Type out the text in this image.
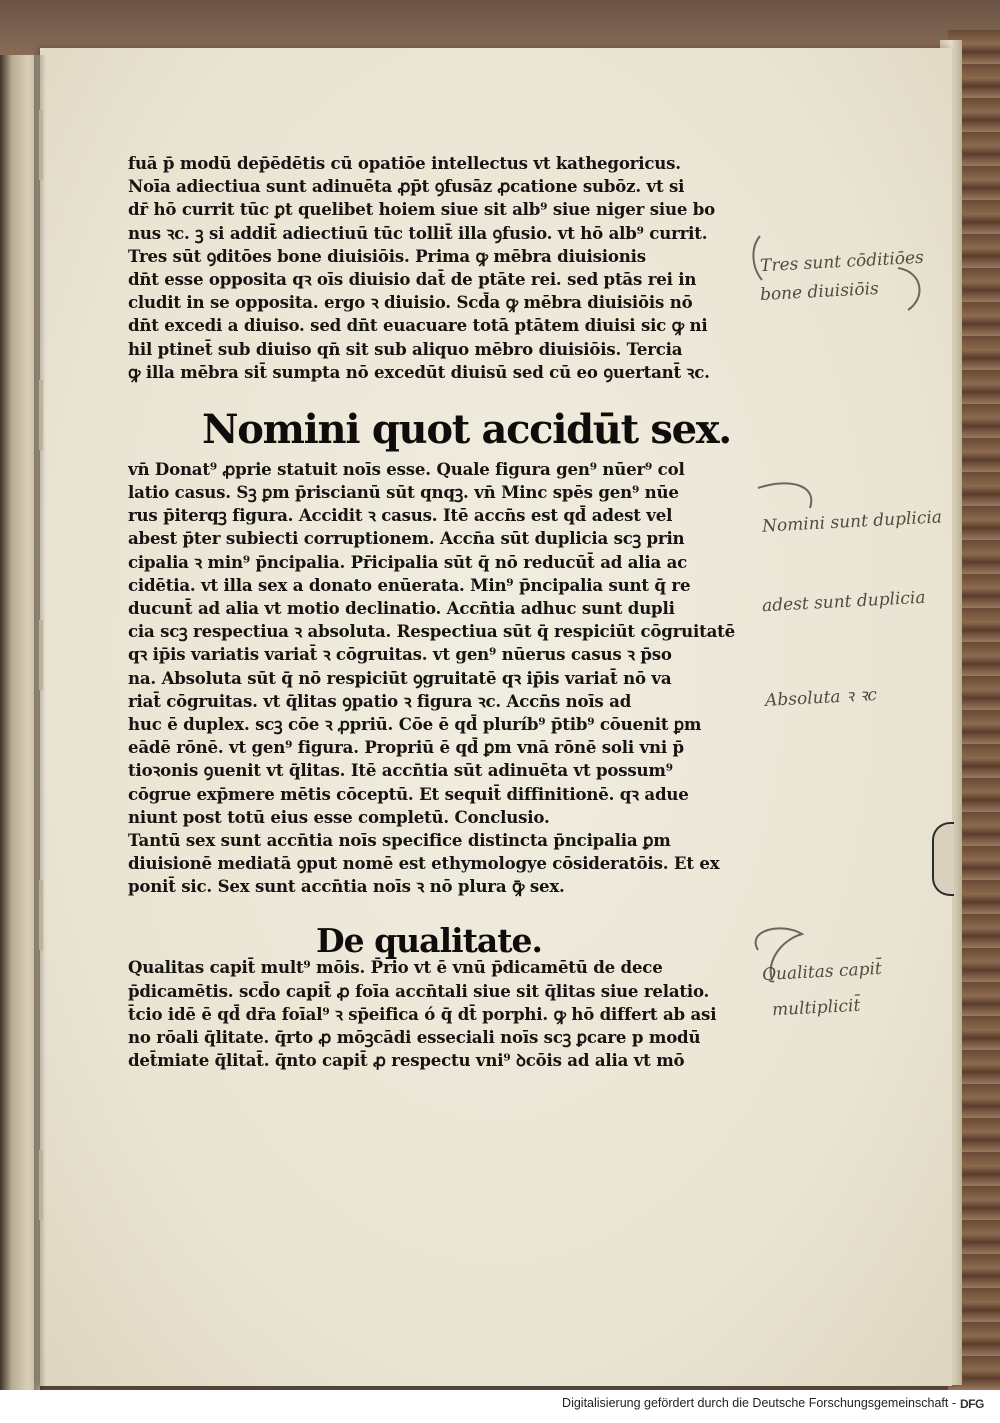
fuā p̄ modū dep̄ēdētis cū opatiōe intellectus vt kathegoricus.
Noīa adiectiua sunt adinuēta ꝓp̄t ꝯfusāz ꝓcatione subōz. vt si
dr̄ hō currit tūc ꝑt quelibet hoiem siue sit alb⁹ siue niger siue bo
nus ꝛc. ꝫ si addit̄ adiectiuū tūc tollit̄ illa ꝯfusio. vt hō alb⁹ currit.
Tres sūt ꝯditōes bone diuisiōis. Prima ꝙ mēbra diuisionis
dn̄t esse opposita qꝛ oīs diuisio dat̄ de ptāte rei. sed ptās rei in
cludit in se opposita. ergo ꝛ diuisio. Scd̄a ꝙ mēbra diuisiōis nō
dn̄t excedi a diuiso. sed dn̄t euacuare totā ptātem diuisi sic ꝙ ni
hil ptinet̄ sub diuiso qn̄ sit sub aliquo mēbro diuisiōis. Tercia
ꝙ illa mēbra sit̄ sumpta nō excedūt diuisū sed cū eo ꝯuertant̄ ꝛc.
vn̄ Donat⁹ ꝓprie statuit noīs esse. Quale figura gen⁹ nūer⁹ col
latio casus. Sꝫ ꝑm p̄riscianū sūt qnqꝫ. vn̄ Minc spēs gen⁹ nūe
rus p̄iterqꝫ figura. Accidit ꝛ casus. Itē accn̄s est qd̄ adest vel
abest p̄ter subiecti corruptionem. Accn̄a sūt duplicia scꝫ prin
cipalia ꝛ min⁹ p̄ncipalia. Pr̄icipalia sūt q̄ nō reducūt̄ ad alia ac
cidētia. vt illa sex a donato enūerata. Min⁹ p̄ncipalia sunt q̄ re
ducunt̄ ad alia vt motio declinatio. Accn̄tia adhuc sunt dupli
cia scꝫ respectiua ꝛ absoluta. Respectiua sūt q̄ respiciūt cōgruitatē
qꝛ ip̄is variatis variat̄ ꝛ cōgruitas. vt gen⁹ nūerus casus ꝛ p̄so
na. Absoluta sūt q̄ nō respiciūt ꝯgruitatē qꝛ ip̄is variat̄ nō va
riat̄ cōgruitas. vt q̄litas ꝯpatio ꝛ figura ꝛc. Accn̄s noīs ad
huc ē duplex. scꝫ cōe ꝛ ꝓpriū. Cōe ē qd̄ pluríb⁹ p̄tib⁹ cōuenit ꝑm
eādē rōnē. vt gen⁹ figura. Propriū ē qd̄ ꝑm vnā rōnē soli vni p̄
tioꝛonis ꝯuenit vt q̄litas. Itē accn̄tia sūt adinuēta vt possum⁹
cōgrue exp̄mere mētis cōceptū. Et sequit̄ diffinitionē. qꝛ adue
niunt post totū eius esse completū. Conclusio.
Tantū sex sunt accn̄tia noīs specifice distincta p̄ncipalia ꝑm
diuisionē mediatā ꝯput nomē est ethymologye cōsideratōis. Et ex
ponit̄ sic. Sex sunt accn̄tia noīs ꝛ nō plura ꝙ̄ sex.
Qualitas capit̄ mult⁹ mōis. P̄rio vt ē vnū p̄dicamētū de dece
p̄dicamētis. scd̄o capit̄ ꝓ foīa accn̄tali siue sit q̄litas siue relatio.
t̄cio idē ē qd̄ dr̄a foīal⁹ ꝛ sp̄eifica ó q̄ dt̄ porphi. ꝙ hō differt ab asi
no rōali q̄litate. q̄rto ꝓ mōꝫcādi esseciali noīs scꝫ ꝑcare p modū
det̄miate q̄litat̄. q̄nto capit̄ ꝓ respectu vni⁹ ꝺcōis ad alia vt mō
Nomini quot accidūt sex.
De qualitate.
Tres sunt cōditiōes
bone diuisiōis
Nomini sunt duplicia
adest sunt duplicia
Absoluta ꝛ ꝛc
Qualitas capit̄
multiplicit̄
Digitalisierung gefördert durch die Deutsche Forschungsgemeinschaft - DFG
